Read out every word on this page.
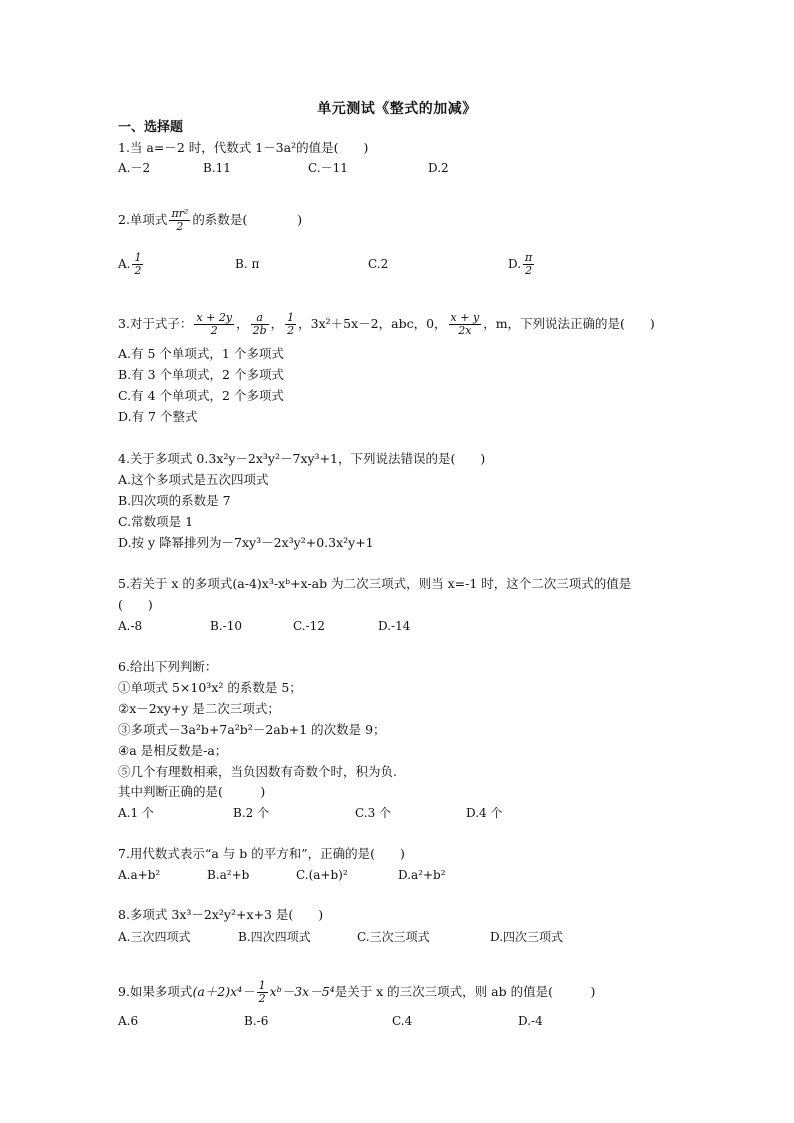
单元测试《整式的加减》
一、选择题
1.当 a=－2 时，代数式 1－3a²的值是(　　)
A.－2	B.11	C.－11	D.2
2.单项式 $\frac{\text{πr²}}{2}$ 的系数是(　　　　)
A. $\frac{1}{2}$	B. π	C.2	D. $\frac{\pi}{2}$
3.对于式子： $\frac{x + 2y}{2}$ ， $\frac{a}{2b}$ ， $\frac{1}{2}$ ，3x²＋5x－2，abc，0， $\frac{x + y}{2x}$ ，m，下列说法正确的是(　　)
A.有 5 个单项式，1 个多项式
B.有 3 个单项式，2 个多项式
C.有 4 个单项式，2 个多项式
D.有 7 个整式
4.关于多项式 0.3x²y－2x³y²－7xy³+1，下列说法错误的是(　　)
A.这个多项式是五次四项式
B.四次项的系数是 7
C.常数项是 1
D.按 y 降幂排列为－7xy³－2x³y²+0.3x²y+1
5.若关于 x 的多项式(a-4)x³-xᵇ+x-ab 为二次三项式，则当 x=-1 时，这个二次三项式的值是
(　　)
A.-8	B.-10	C.-12	D.-14
6.给出下列判断：
①单项式 5×10³x² 的系数是 5；
②x－2xy+y 是二次三项式；
③多项式－3a²b+7a²b²－2ab+1 的次数是 9；
④a 是相反数是-a；
⑤几个有理数相乘，当负因数有奇数个时，积为负.
其中判断正确的是(　　　)
A.1 个	B.2 个	C.3 个	D.4 个
7.用代数式表示“a 与 b 的平方和”，正确的是(　　)
A.a+b²	B.a²+b	C.(a+b)²	D.a²+b²
8.多项式 3x³－2x²y²+x+3 是(　　)
A.三次四项式	B.四次四项式	C.三次三项式	D.四次三项式
9.如果多项式$(a+2)x^4- \frac{1}{2}$ xᵇ－3x－5⁴是关于 x 的三次三项式，则 ab 的值是(　　　)
A.6	B.-6	C.4	D.-4
